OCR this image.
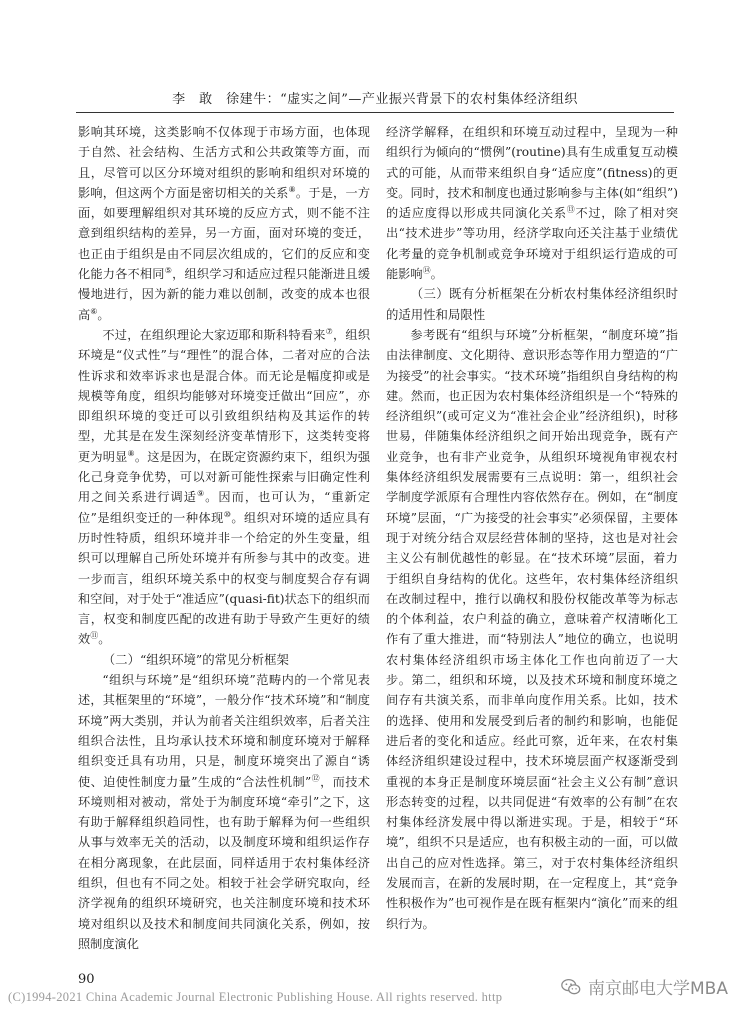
李　敢　徐建牛：“虚实之间”—产业振兴背景下的农村集体经济组织

影响其环境，这类影响不仅体现于市场方面，也体现于自然、社会结构、生活方式和公共政策等方面，而且，尽管可以区分环境对组织的影响和组织对环境的影响，但这两个方面是密切相关的关系⑧。于是，一方面，如要理解组织对其环境的反应方式，则不能不注意到组织结构的差异，另一方面，面对环境的变迁，也正由于组织是由不同层次组成的，它们的反应和变化能力各不相同⑤，组织学习和适应过程只能渐进且缓慢地进行，因为新的能力难以创制，改变的成本也很高⑥。

不过，在组织理论大家迈耶和斯科特看来⑦，组织环境是“仪式性”与“理性”的混合体，二者对应的合法性诉求和效率诉求也是混合体。而无论是幅度抑或是规模等角度，组织均能够对环境变迁做出“回应”，亦即组织环境的变迁可以引致组织结构及其运作的转型，尤其是在发生深刻经济变革情形下，这类转变将更为明显⑧。这是因为，在既定资源约束下，组织为强化己身竞争优势，可以对新可能性探索与旧确定性利用之间关系进行调适⑨。因而，也可认为，“重新定位”是组织变迁的一种体现⑩。组织对环境的适应具有历时性特质，组织环境并非一个给定的外生变量，组织可以理解自己所处环境并有所参与其中的改变。进一步而言，组织环境关系中的权变与制度契合存有调和空间，对于处于“准适应”(quasi-fit)状态下的组织而言，权变和制度匹配的改进有助于导致产生更好的绩效⑪。

（二）“组织环境”的常见分析框架

“组织与环境”是“组织环境”范畴内的一个常见表述，其框架里的“环境”，一般分作“技术环境”和“制度环境”两大类别，并认为前者关注组织效率，后者关注组织合法性，且均承认技术环境和制度环境对于解释组织变迁具有功用，只是，制度环境突出了源自“诱使、迫使性制度力量”生成的“合法性机制”⑫，而技术环境则相对被动，常处于为制度环境“牵引”之下，这有助于解释组织趋同性，也有助于解释为何一些组织从事与效率无关的活动，以及制度环境和组织运作存在相分离现象，在此层面，同样适用于农村集体经济组织，但也有不同之处。相较于社会学研究取向，经济学视角的组织环境研究，也关注制度环境和技术环境对组织以及技术和制度间共同演化关系，例如，按照制度演化

经济学解释，在组织和环境互动过程中，呈现为一种组织行为倾向的“惯例”(routine)具有生成重复互动模式的可能，从而带来组织自身“适应度”(fitness)的更变。同时，技术和制度也通过影响参与主体(如“组织”)的适应度得以形成共同演化关系⑬不过，除了相对突出“技术进步”等功用，经济学取向还关注基于业绩优化考量的竞争机制或竞争环境对于组织运行造成的可能影响⑭。

（三）既有分析框架在分析农村集体经济组织时的适用性和局限性

参考既有“组织与环境”分析框架，“制度环境”指由法律制度、文化期待、意识形态等作用力塑造的“广为接受”的社会事实。“技术环境”指组织自身结构的构建。然而，也正因为农村集体经济组织是一个“特殊的经济组织”(或可定义为“准社会企业”经济组织)，时移世易，伴随集体经济组织之间开始出现竞争，既有产业竞争，也有非产业竞争，从组织环境视角审视农村集体经济组织发展需要有三点说明：第一，组织社会学制度学派原有合理性内容依然存在。例如，在“制度环境”层面，“广为接受的社会事实”必须保留，主要体现于对统分结合双层经营体制的坚持，这也是对社会主义公有制优越性的彰显。在“技术环境”层面，着力于组织自身结构的优化。这些年，农村集体经济组织在改制过程中，推行以确权和股份权能改革等为标志的个体利益，农户利益的确立，意味着产权清晰化工作有了重大推进，而“特别法人”地位的确立，也说明农村集体经济组织市场主体化工作也向前迈了一大步。第二，组织和环境，以及技术环境和制度环境之间存有共演关系，而非单向度作用关系。比如，技术的选择、使用和发展受到后者的制约和影响，也能促进后者的变化和适应。经此可察，近年来，在农村集体经济组织建设过程中，技术环境层面产权逐渐受到重视的本身正是制度环境层面“社会主义公有制”意识形态转变的过程，以共同促进“有效率的公有制”在农村集体经济发展中得以渐进实现。于是，相较于“环境”，组织不只是适应，也有积极主动的一面，可以做出自己的应对性选择。第三，对于农村集体经济组织发展而言，在新的发展时期，在一定程度上，其“竞争性积极作为”也可视作是在既有框架内“演化”而来的组织行为。

90
(C)1994-2021 China Academic Journal Electronic Publishing House. All rights reserved. http	南京邮电大学MBA
